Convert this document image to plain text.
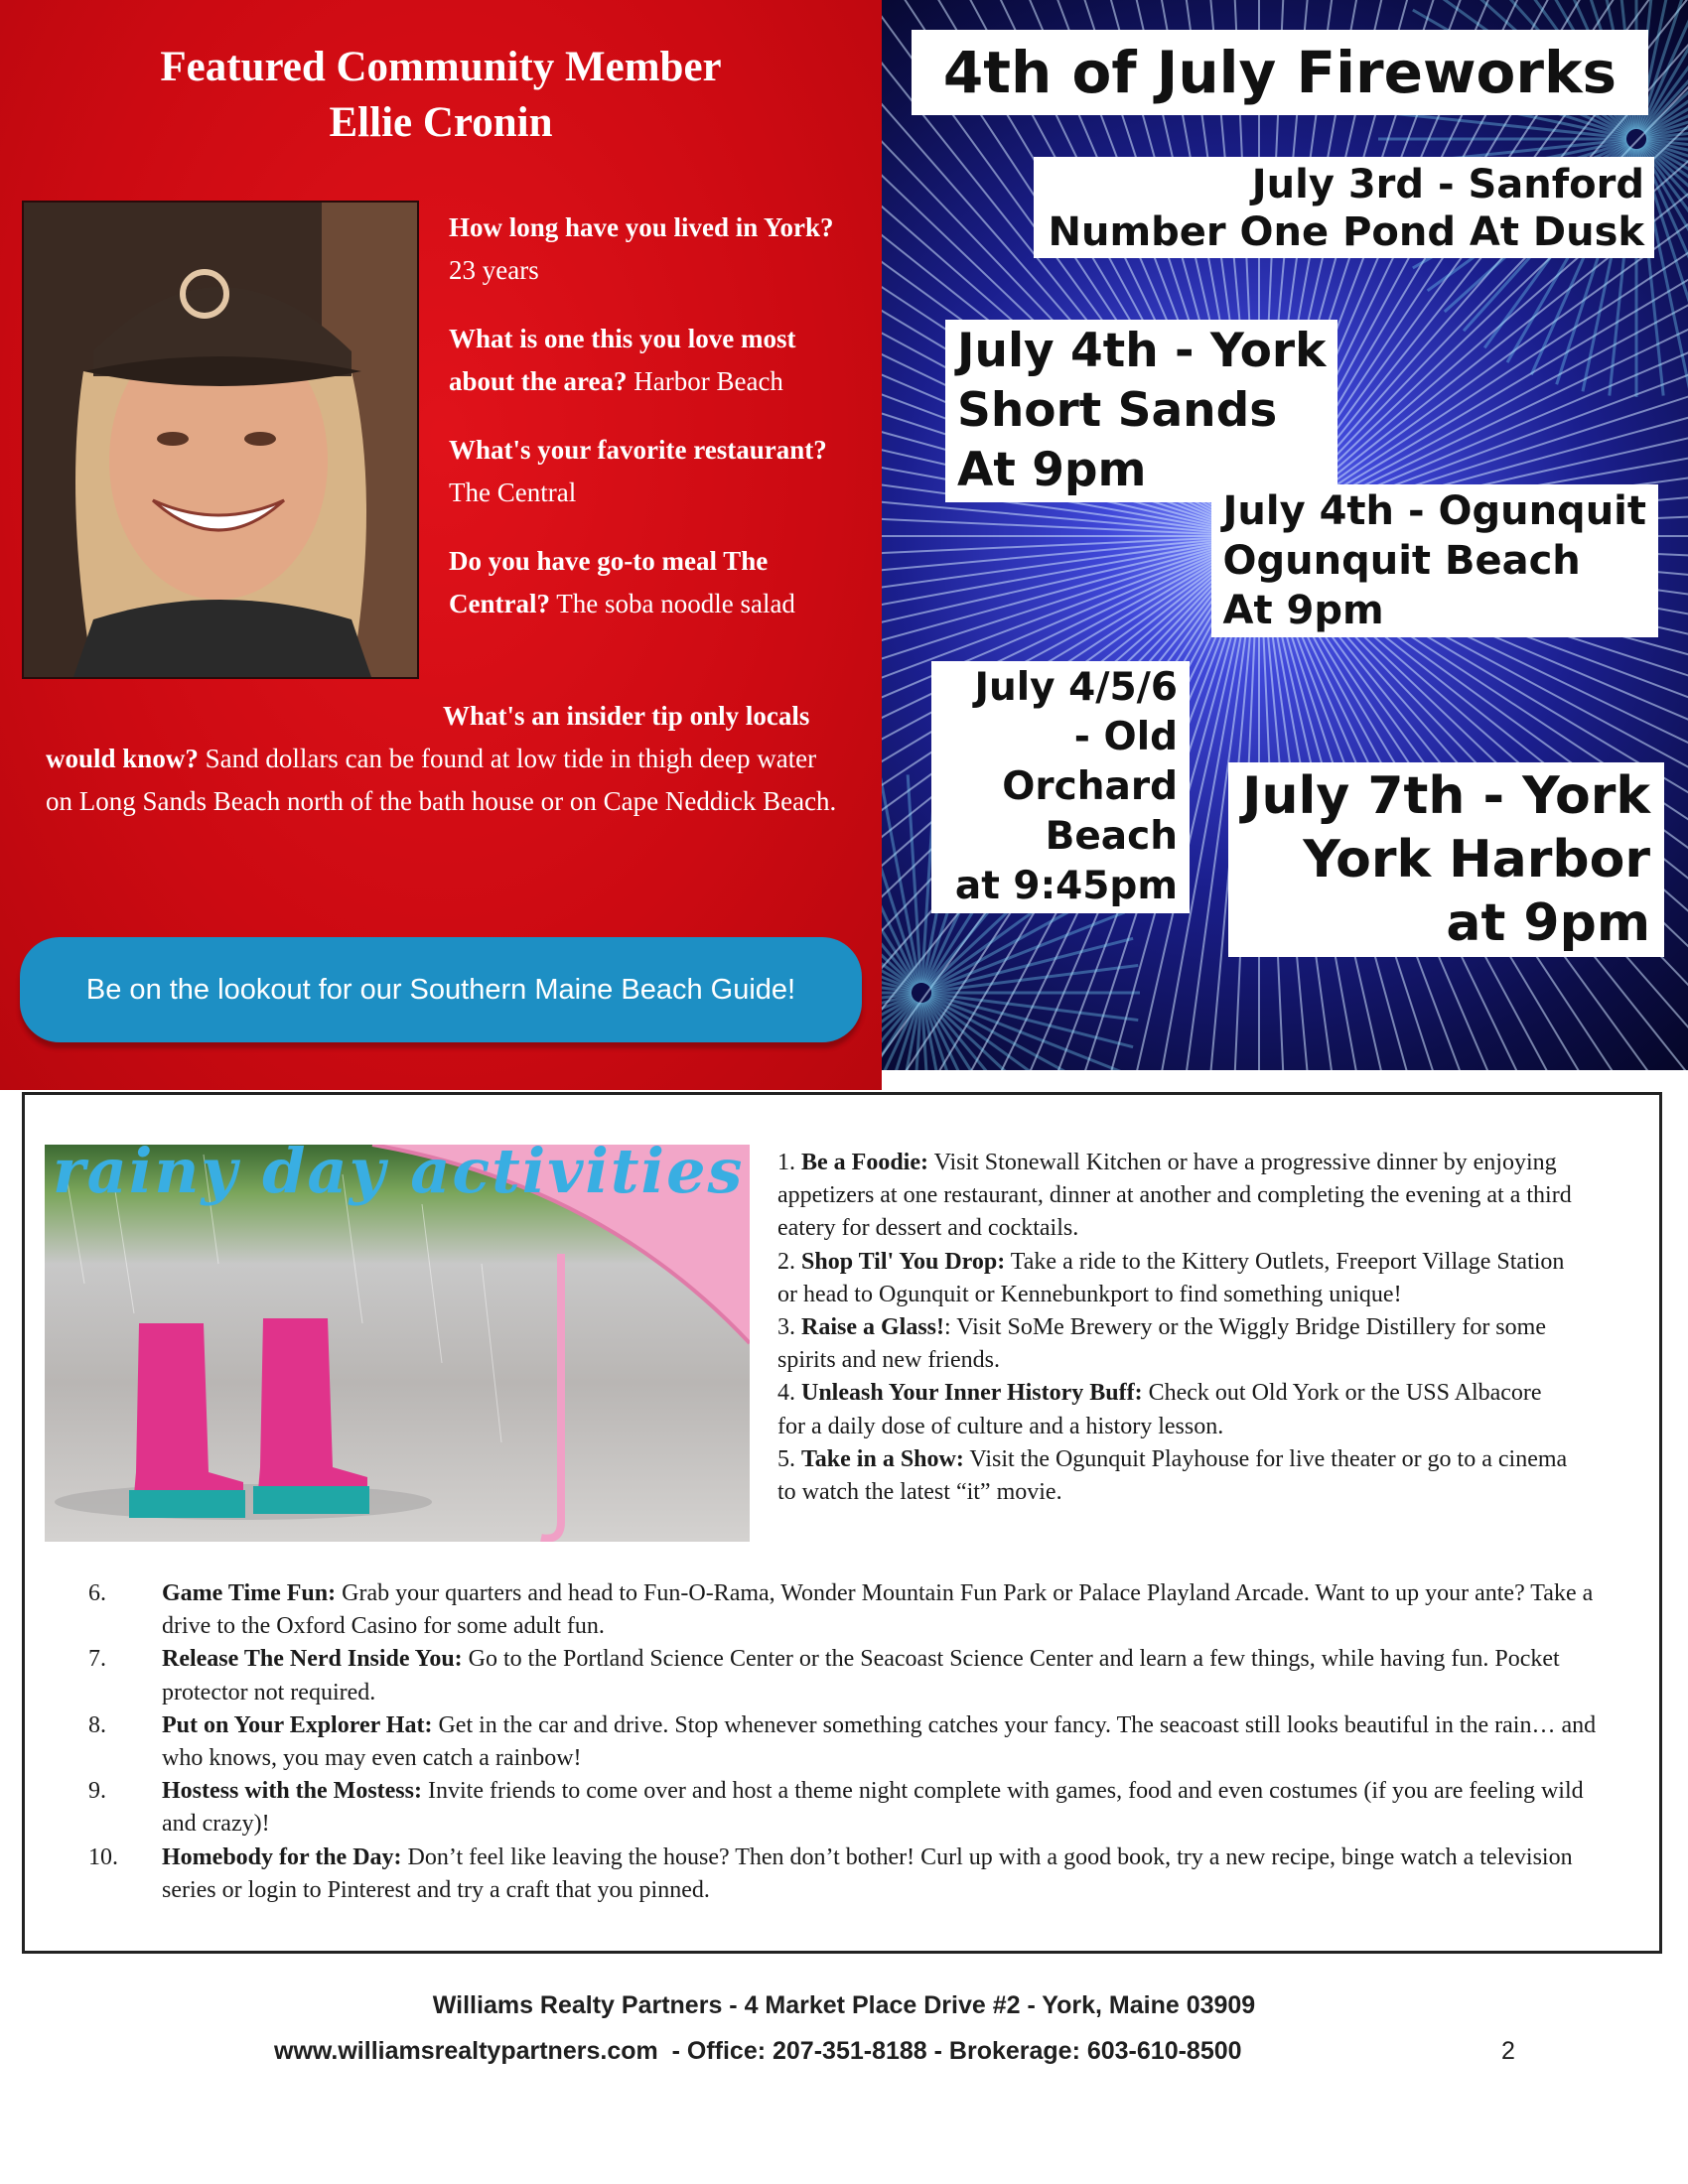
Featured Community Member
Ellie Cronin

How long have you lived in York? 23 years

What is one this you love most about the area? Harbor Beach

What's your favorite restaurant? The Central

Do you have go-to meal The Central? The soba noodle salad

What's an insider tip only locals would know? Sand dollars can be found at low tide in thigh deep water on Long Sands Beach north of the bath house or on Cape Neddick Beach.
Be on the lookout for our Southern Maine Beach Guide!
4th of July Fireworks
July 3rd - Sanford
Number One Pond At Dusk
July 4th - York
Short Sands
At 9pm
July 4th - Ogunquit
Ogunquit Beach
At 9pm
July 4/5/6
- Old
Orchard
Beach
at 9:45pm
July 7th - York
York Harbor
at 9pm
rainy day activities 1. Be a Foodie: Visit Stonewall Kitchen or have a progressive dinner by enjoying appetizers at one restaurant, dinner at another and completing the evening at a third eatery for dessert and cocktails.

2. Shop Til' You Drop: Take a ride to the Kittery Outlets, Freeport Village Station or head to Ogunquit or Kennebunkport to find something unique!

3. Raise a Glass!: Visit SoMe Brewery or the Wiggly Bridge Distillery for some spirits and new friends.

4. Unleash Your Inner History Buff: Check out Old York or the USS Albacore for a daily dose of culture and a history lesson.

5. Take in a Show: Visit the Ogunquit Playhouse for live theater or go to a cinema to watch the latest “it” movie.

6.	Game Time Fun: Grab your quarters and head to Fun-O-Rama, Wonder Mountain Fun Park or Palace Playland Arcade. Want to up your ante? Take a drive to the Oxford Casino for some adult fun.
7.	Release The Nerd Inside You: Go to the Portland Science Center or the Seacoast Science Center and learn a few things, while having fun. Pocket protector not required.
8.	Put on Your Explorer Hat: Get in the car and drive. Stop whenever something catches your fancy. The seacoast still looks beautiful in the rain… and who knows, you may even catch a rainbow!
9.	Hostess with the Mostess: Invite friends to come over and host a theme night complete with games, food and even costumes (if you are feeling wild and crazy)!
10.	Homebody for the Day: Don’t feel like leaving the house? Then don’t bother! Curl up with a good book, try a new recipe, binge watch a television series or login to Pinterest and try a craft that you pinned.
Williams Realty Partners - 4 Market Place Drive #2 - York, Maine 03909
www.williamsrealtypartners.com  - Office: 207-351-8188 - Brokerage: 603-610-8500	2
